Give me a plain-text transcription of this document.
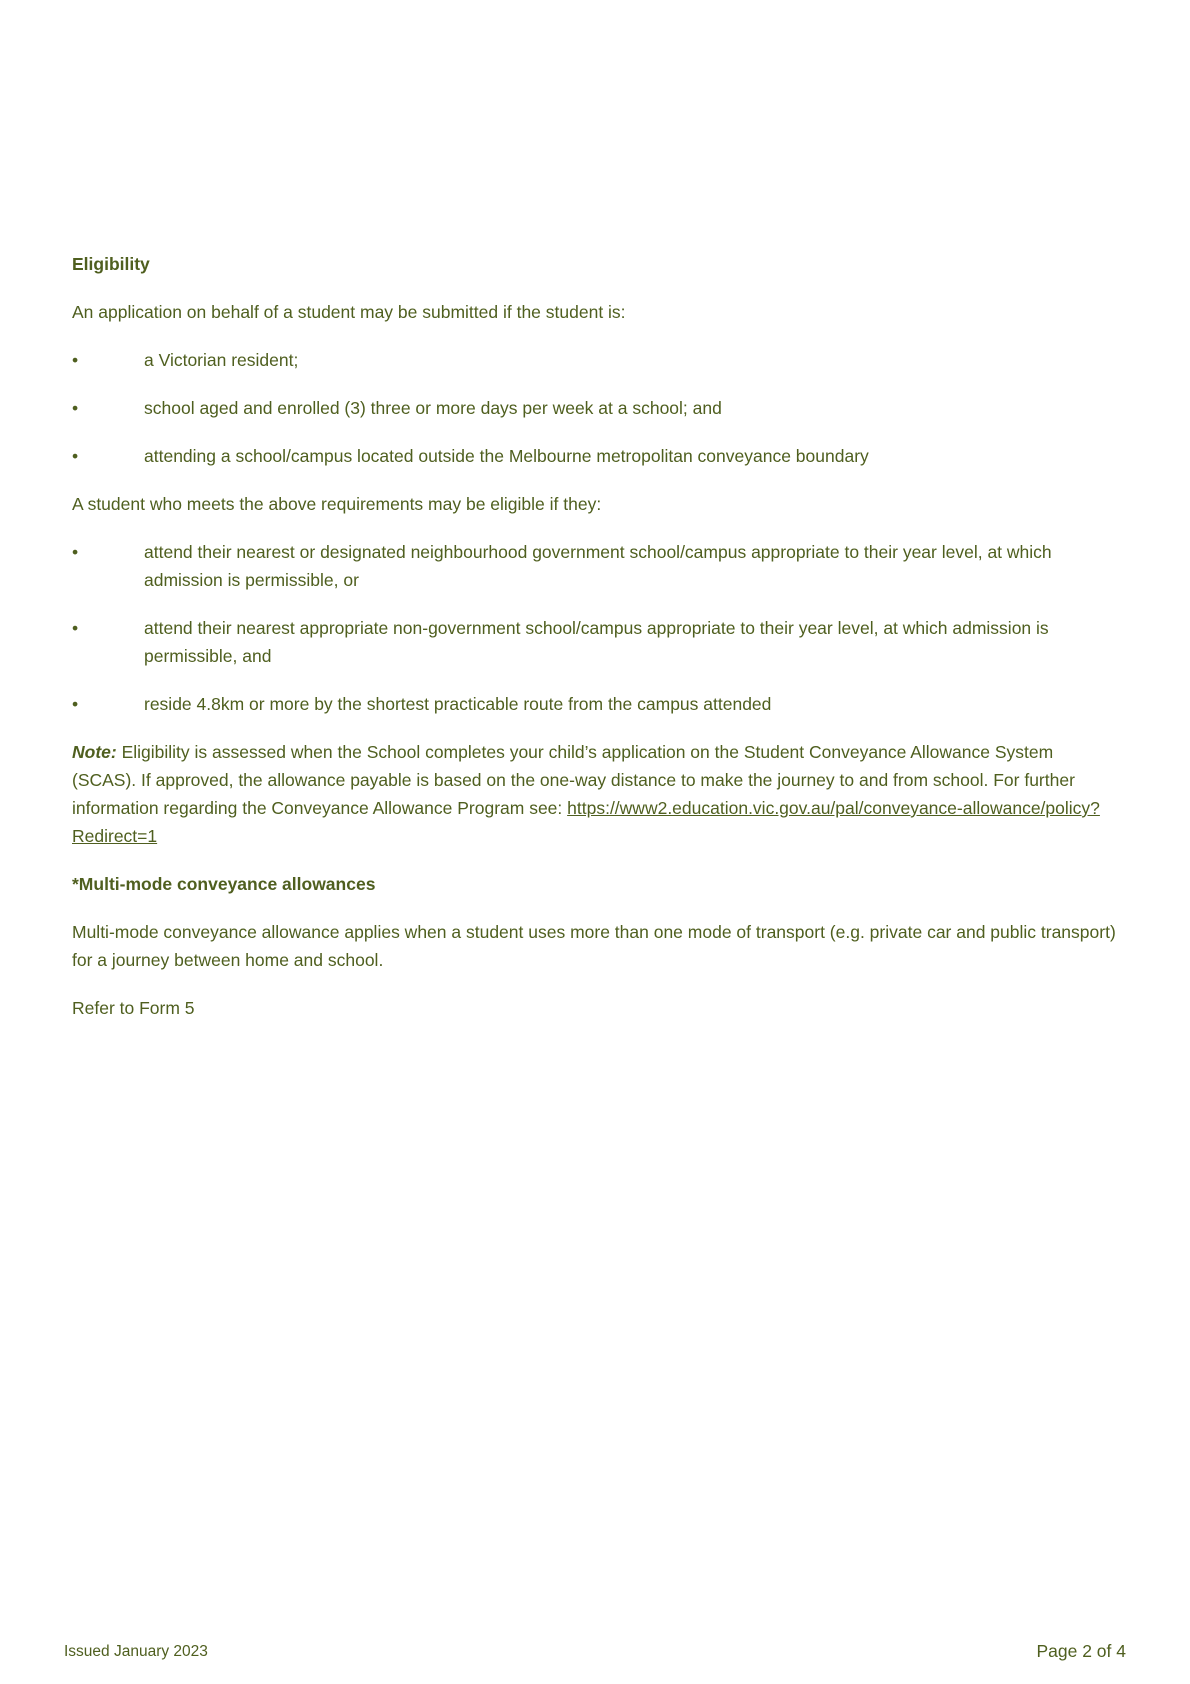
Eligibility
An application on behalf of a student may be submitted if the student is:
•	a Victorian resident;
•	school aged and enrolled (3) three or more days per week at a school; and
•	attending a school/campus located outside the Melbourne metropolitan conveyance boundary
A student who meets the above requirements may be eligible if they:
•	attend their nearest or designated neighbourhood government school/campus appropriate to their year level, at which admission is permissible, or
•	attend their nearest appropriate non-government school/campus appropriate to their year level, at which admission is permissible, and
•	reside 4.8km or more by the shortest practicable route from the campus attended
Note: Eligibility is assessed when the School completes your child’s application on the Student Conveyance Allowance System (SCAS). If approved, the allowance payable is based on the one-way distance to make the journey to and from school. For further information regarding the Conveyance Allowance Program see: https://www2.education.vic.gov.au/pal/conveyance-allowance/policy?Redirect=1
*Multi-mode conveyance allowances
Multi-mode conveyance allowance applies when a student uses more than one mode of transport (e.g. private car and public transport) for a journey between home and school.
Refer to Form 5
Issued January 2023	Page 2 of 4
